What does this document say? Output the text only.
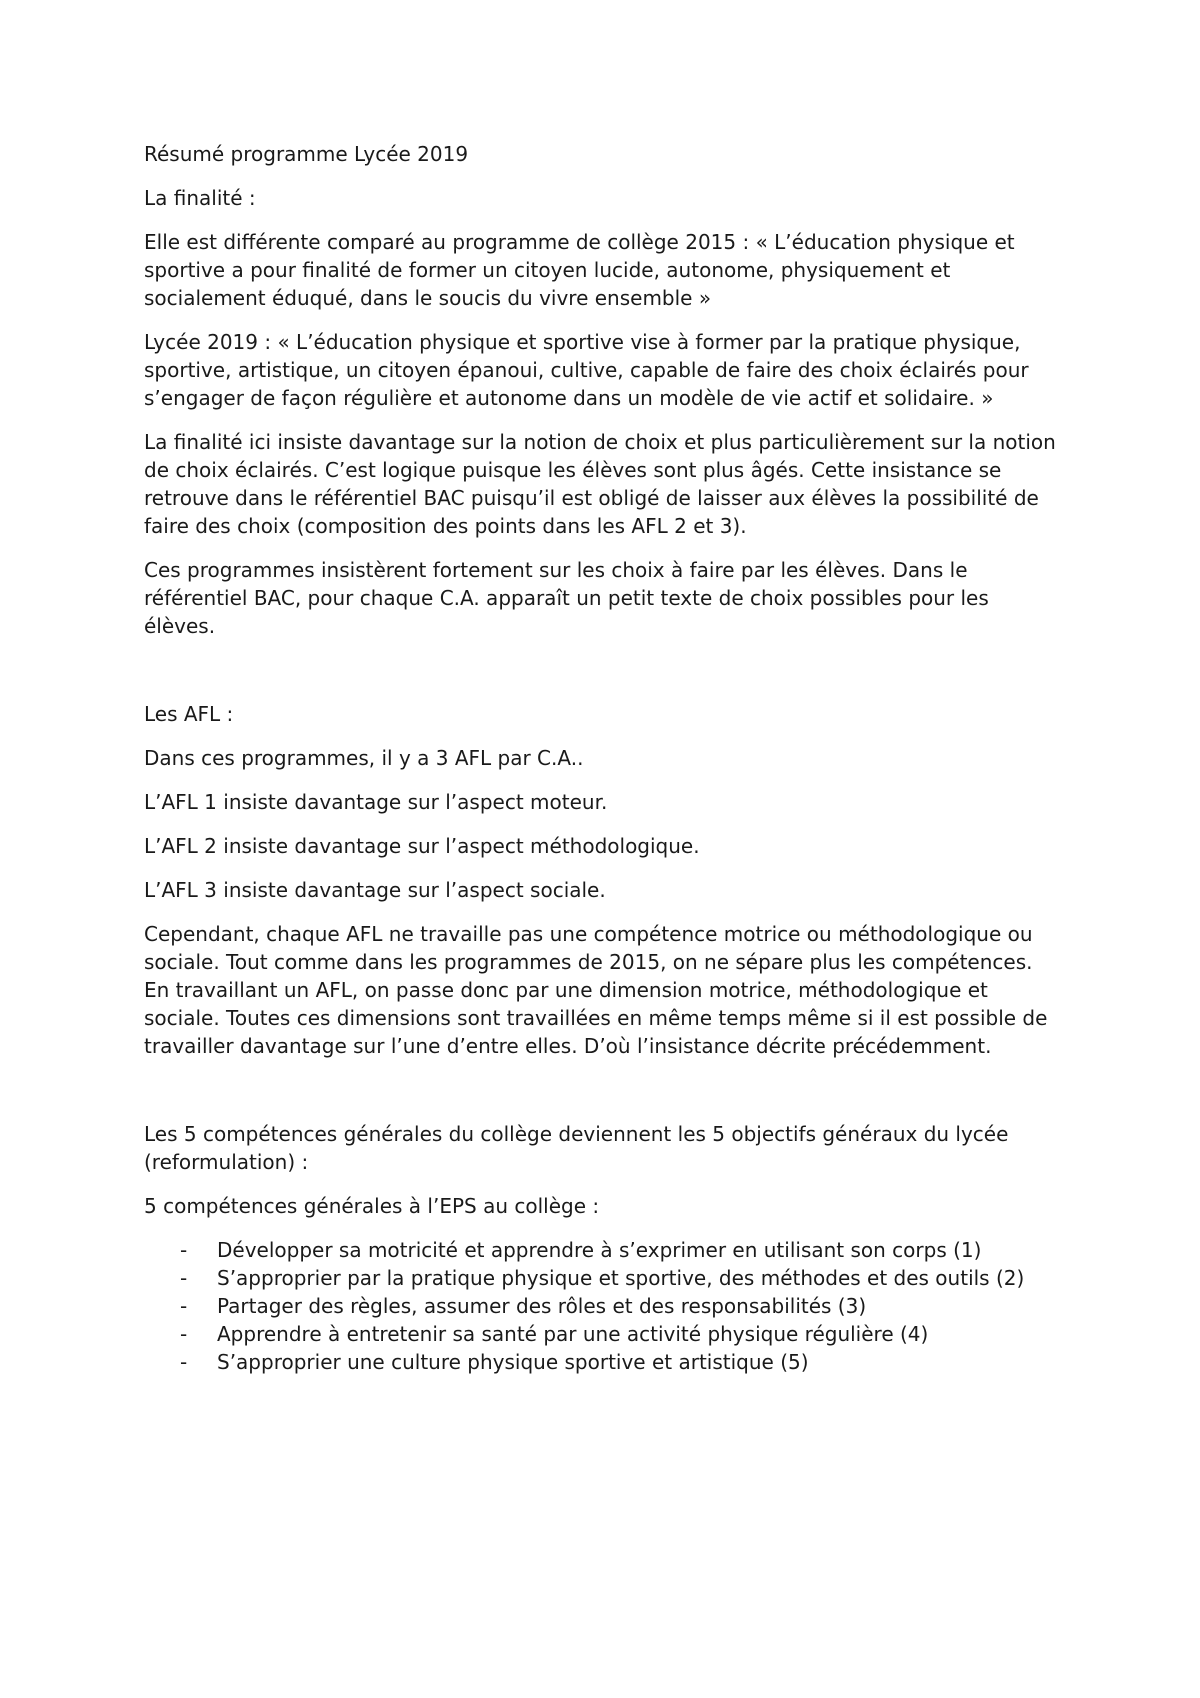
Résumé programme Lycée 2019

La finalité :

Elle est différente comparé au programme de collège 2015 : « L’éducation physique et sportive a pour finalité de former un citoyen lucide, autonome, physiquement et socialement éduqué, dans le soucis du vivre ensemble »

Lycée 2019 : « L’éducation physique et sportive vise à former par la pratique physique, sportive, artistique, un citoyen épanoui, cultive, capable de faire des choix éclairés pour s’engager de façon régulière et autonome dans un modèle de vie actif et solidaire. »

La finalité ici insiste davantage sur la notion de choix et plus particulièrement sur la notion de choix éclairés. C’est logique puisque les élèves sont plus âgés. Cette insistance se retrouve dans le référentiel BAC puisqu’il est obligé de laisser aux élèves la possibilité de faire des choix (composition des points dans les AFL 2 et 3).

Ces programmes insistèrent fortement sur les choix à faire par les élèves. Dans le référentiel BAC, pour chaque C.A. apparaît un petit texte de choix possibles pour les élèves.

Les AFL :

Dans ces programmes, il y a 3 AFL par C.A..

L’AFL 1 insiste davantage sur l’aspect moteur.

L’AFL 2 insiste davantage sur l’aspect méthodologique.

L’AFL 3 insiste davantage sur l’aspect sociale.

Cependant, chaque AFL ne travaille pas une compétence motrice ou méthodologique ou sociale. Tout comme dans les programmes de 2015, on ne sépare plus les compétences. En travaillant un AFL, on passe donc par une dimension motrice, méthodologique et sociale. Toutes ces dimensions sont travaillées en même temps même si il est possible de travailler davantage sur l’une d’entre elles. D’où l’insistance décrite précédemment.

Les 5 compétences générales du collège deviennent les 5 objectifs généraux du lycée (reformulation) :

5 compétences générales à l’EPS au collège :

- Développer sa motricité et apprendre à s’exprimer en utilisant son corps (1)
- S’approprier par la pratique physique et sportive, des méthodes et des outils (2)
- Partager des règles, assumer des rôles et des responsabilités (3)
- Apprendre à entretenir sa santé par une activité physique régulière (4)
- S’approprier une culture physique sportive et artistique (5)
